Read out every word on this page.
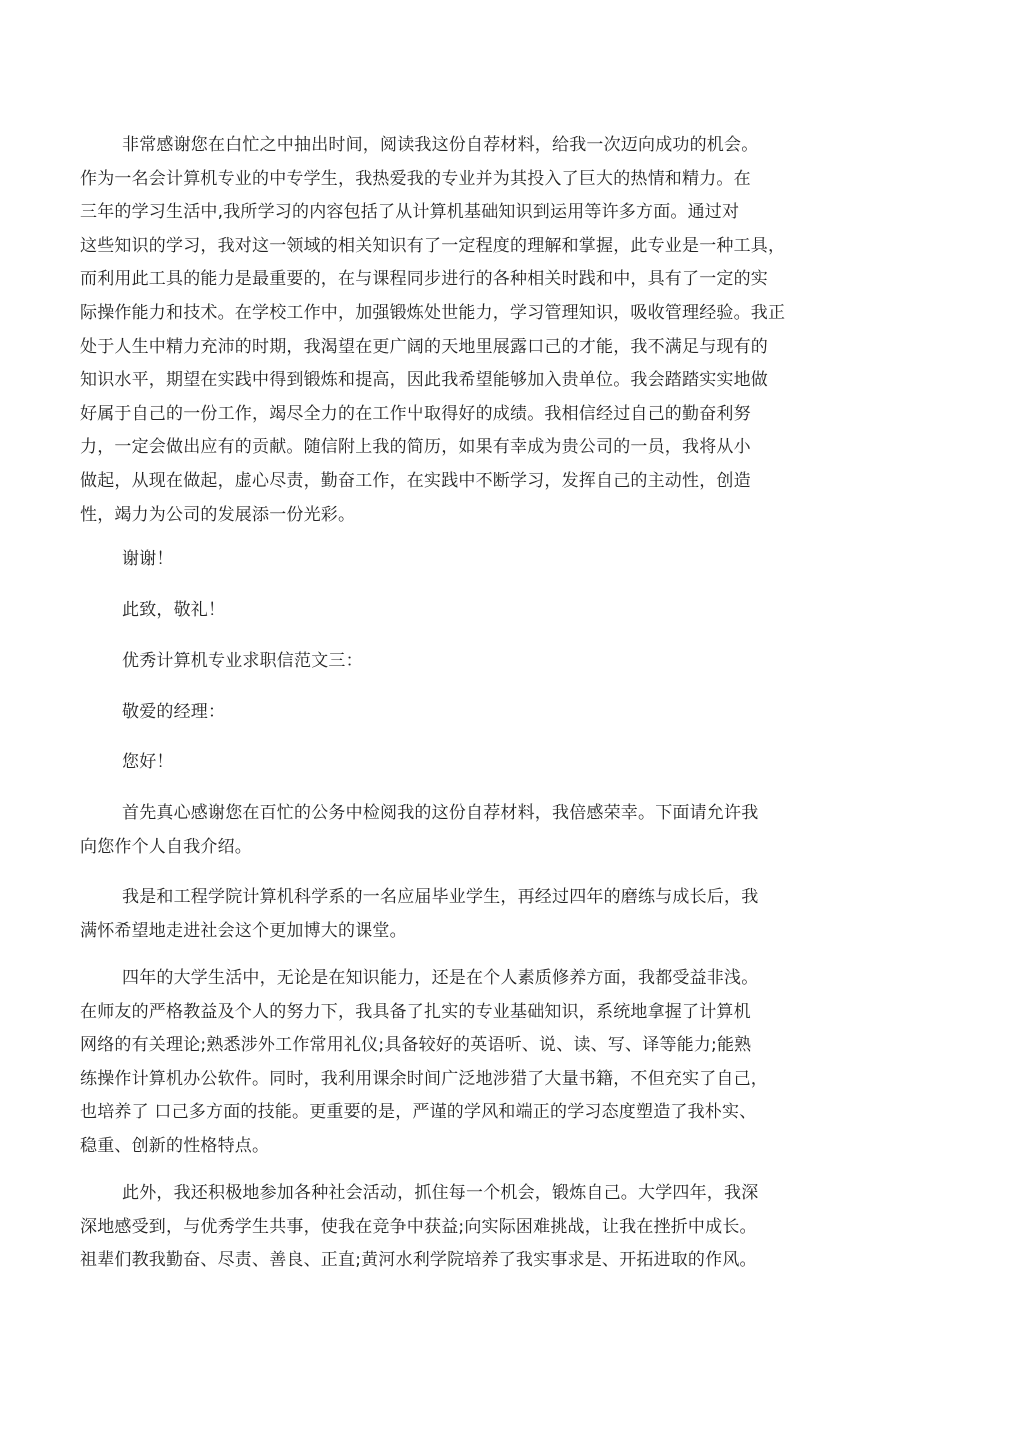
非常感谢您在白忙之中抽出时间，阅读我这份自荐材料，给我一次迈向成功的机会。
作为一名会计算机专业的中专学生，我热爱我的专业并为其投入了巨大的热情和精力。在
三年的学习生活中,我所学习的内容包括了从计算机基础知识到运用等许多方面。通过对
这些知识的学习，我对这一领域的相关知识有了一定程度的理解和掌握，此专业是一种工具，
而利用此工具的能力是最重要的，在与课程同步进行的各种相关时践和中，具有了一定的实
际操作能力和技术。在学校工作中，加强锻炼处世能力，学习管理知识，吸收管理经验。我正
处于人生中精力充沛的时期，我渴望在更广阔的天地里展露口己的才能，我不满足与现有的
知识水平，期望在实践中得到锻炼和提高，因此我希望能够加入贵单位。我会踏踏实实地做
好属于自己的一份工作，竭尽全力的在工作屮取得好的成绩。我相信经过自己的勤奋利努
力，一定会做出应有的贡献。随信附上我的简历，如果有幸成为贵公司的一员，我将从小
做起，从现在做起，虚心尽责，勤奋工作，在实践中不断学习，发挥自己的主动性，创造
性，竭力为公司的发展添一份光彩。
谢谢！
此致，敬礼！
优秀计算机专业求职信范文三：
敬爱的经理：
您好！
首先真心感谢您在百忙的公务中检阅我的这份自荐材料，我倍感荣幸。下面请允许我
向您作个人自我介绍。
我是和工程学院计算机科学系的一名应届毕业学生，再经过四年的磨练与成长后，我
满怀希望地走进社会这个更加博大的课堂。
四年的大学生活中，无论是在知识能力，还是在个人素质修养方面，我都受益非浅。
在师友的严格教益及个人的努力下，我具备了扎实的专业基础知识，系统地拿握了计算机
网络的有关理论;熟悉涉外工作常用礼仪;具备较好的英语听、说、读、写、译等能力;能熟
练操作计算机办公软件。同时，我利用课余时间广泛地涉猎了大量书籍，不但充实了自己，
也培养了 口己多方面的技能。更重要的是，严谨的学风和端正的学习态度塑造了我朴实、
稳重、创新的性格特点。
此外，我还积极地参加各种社会活动，抓住每一个机会，锻炼自己。大学四年，我深
深地感受到，与优秀学生共事，使我在竞争中获益;向实际困难挑战，让我在挫折中成长。
祖辈们教我勤奋、尽责、善良、正直;黄河水利学院培养了我实事求是、开拓进取的作风。
